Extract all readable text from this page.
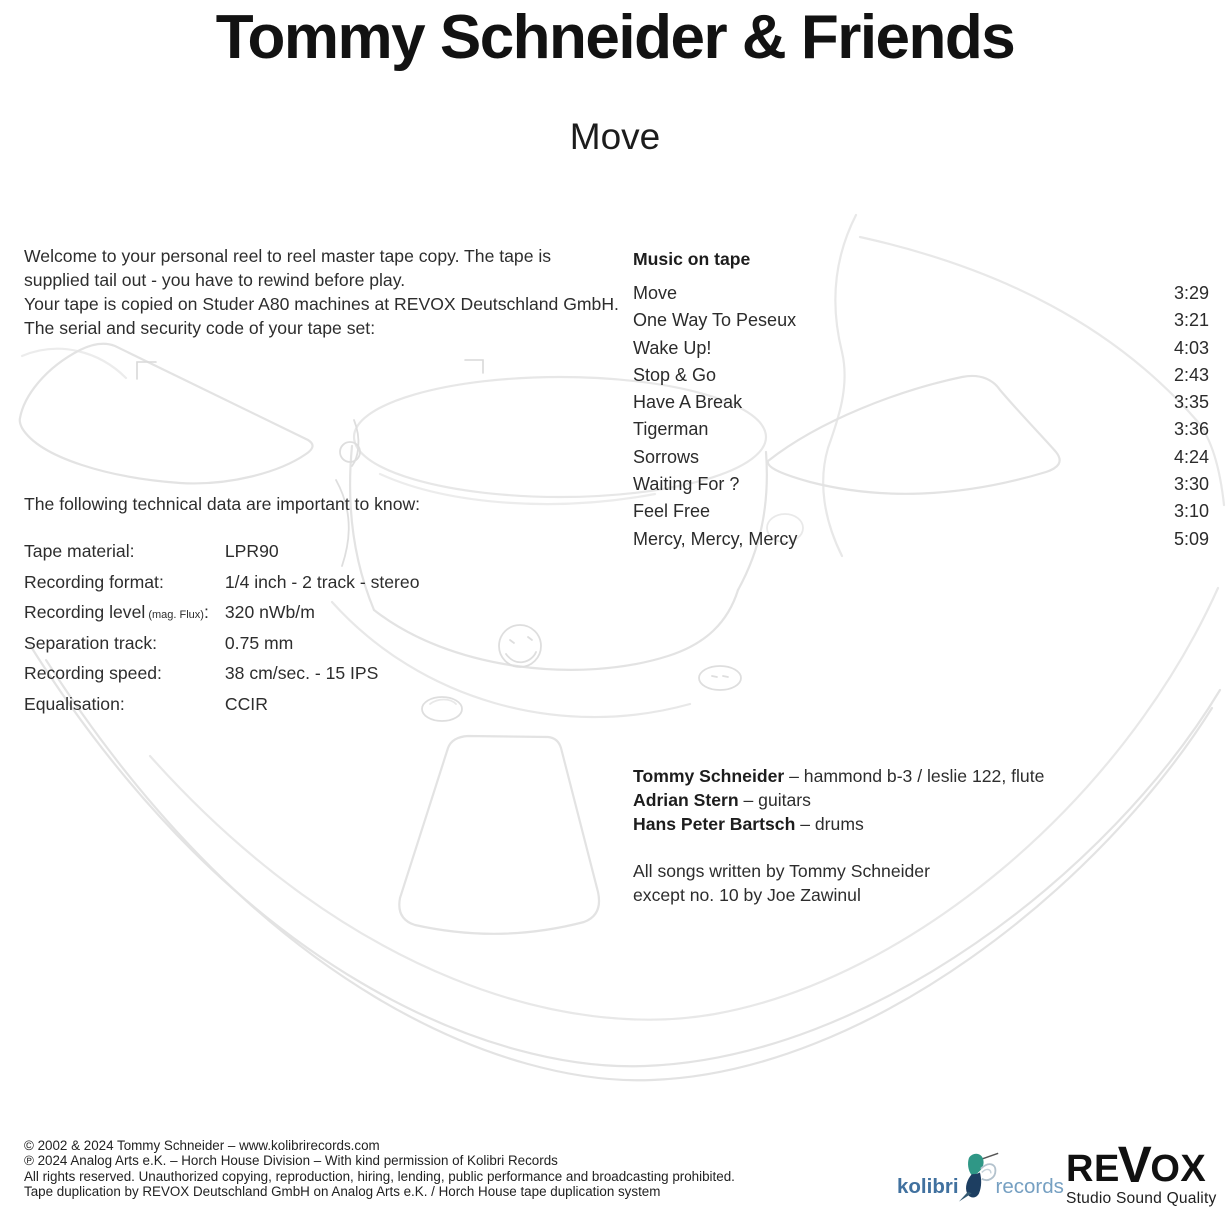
Tommy Schneider & Friends
Move
Welcome to your personal reel to reel master tape copy. The tape is
supplied tail out - you have to rewind before play.
Your tape is copied on Studer A80 machines at REVOX Deutschland GmbH.
The serial and security code of your tape set:
The following technical data are important to know:
Tape material:	LPR90
Recording format:	1/4 inch - 2 track - stereo
Recording level (mag. Flux): 320 nWb/m
Separation track:	0.75 mm
Recording speed:	38 cm/sec. - 15 IPS
Equalisation:	CCIR
Music on tape
Move	3:29
One Way To Peseux	3:21
Wake Up!	4:03
Stop & Go	2:43
Have A Break	3:35
Tigerman	3:36
Sorrows	4:24
Waiting For ?	3:30
Feel Free	3:10
Mercy, Mercy, Mercy	5:09
Tommy Schneider – hammond b-3 / leslie 122, flute
Adrian Stern – guitars
Hans Peter Bartsch – drums
All songs written by Tommy Schneider
except no. 10 by Joe Zawinul
© 2002 & 2024 Tommy Schneider – www.kolibrirecords.com
℗ 2024 Analog Arts e.K. – Horch House Division – With kind permission of Kolibri Records
All rights reserved. Unauthorized copying, reproduction, hiring, lending, public performance and broadcasting prohibited.
Tape duplication by REVOX Deutschland GmbH on Analog Arts e.K. / Horch House tape duplication system	kolibri records RE
V
OX
Studio Sound Quality
